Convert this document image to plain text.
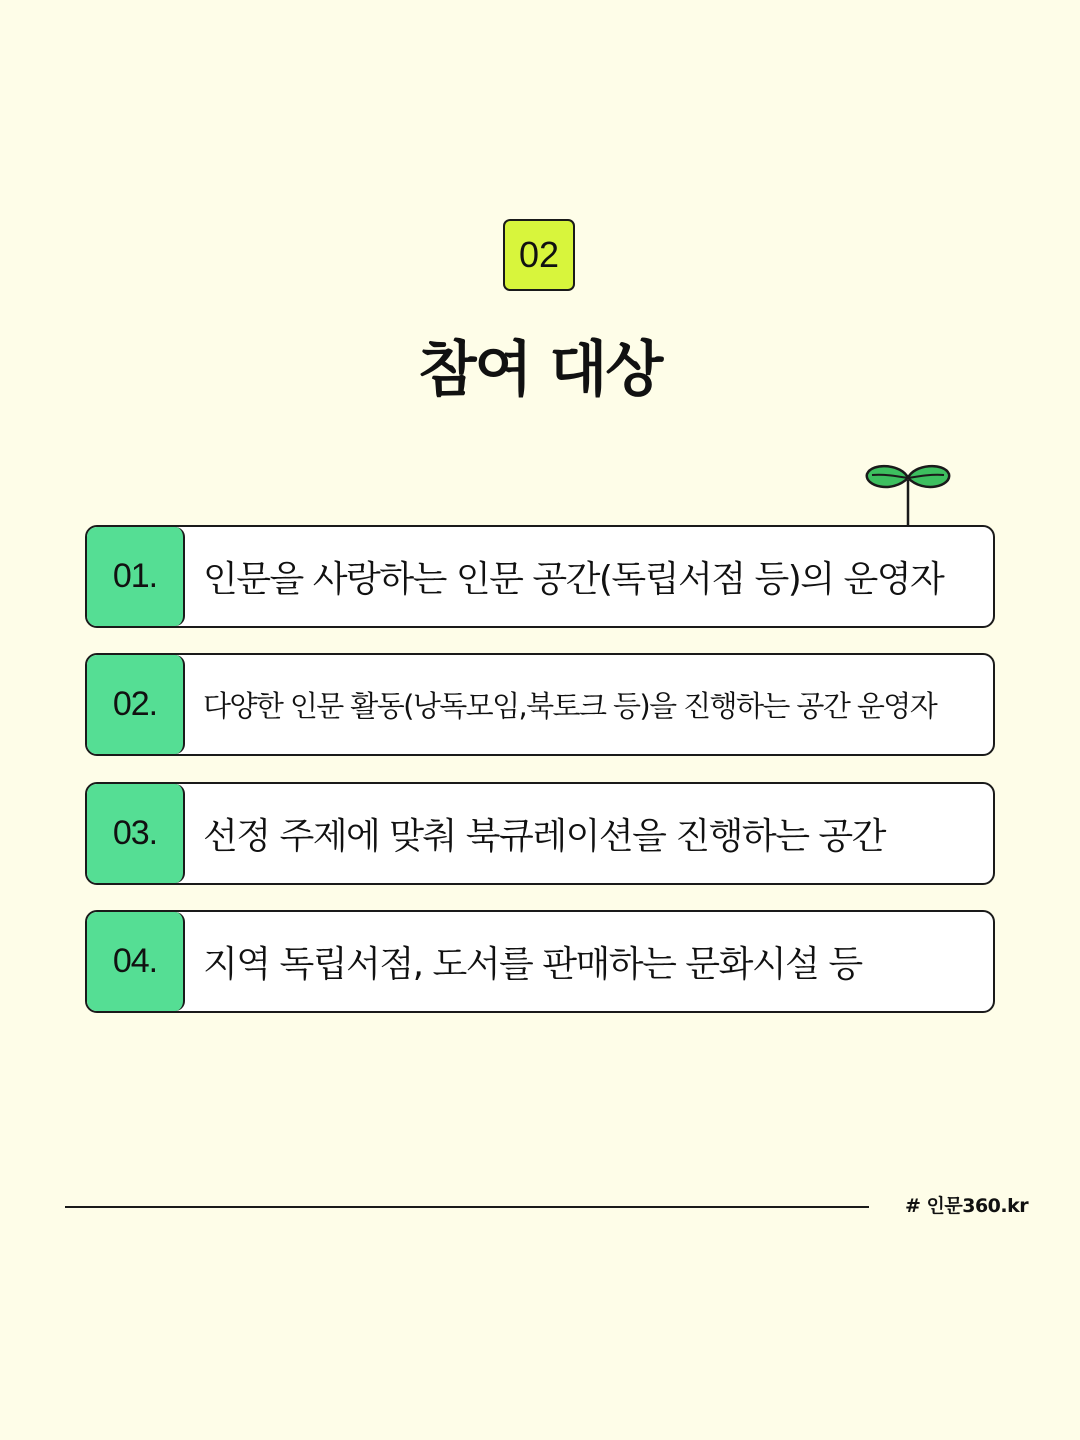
02
참여 대상
01.	인문을 사랑하는 인문 공간(독립서점 등)의 운영자
02.	다양한 인문 활동(낭독모임,북토크 등)을 진행하는 공간 운영자
03.	선정 주제에 맞춰 북큐레이션을 진행하는 공간
04.	지역 독립서점, 도서를 판매하는 문화시설 등
# 인문360.kr
